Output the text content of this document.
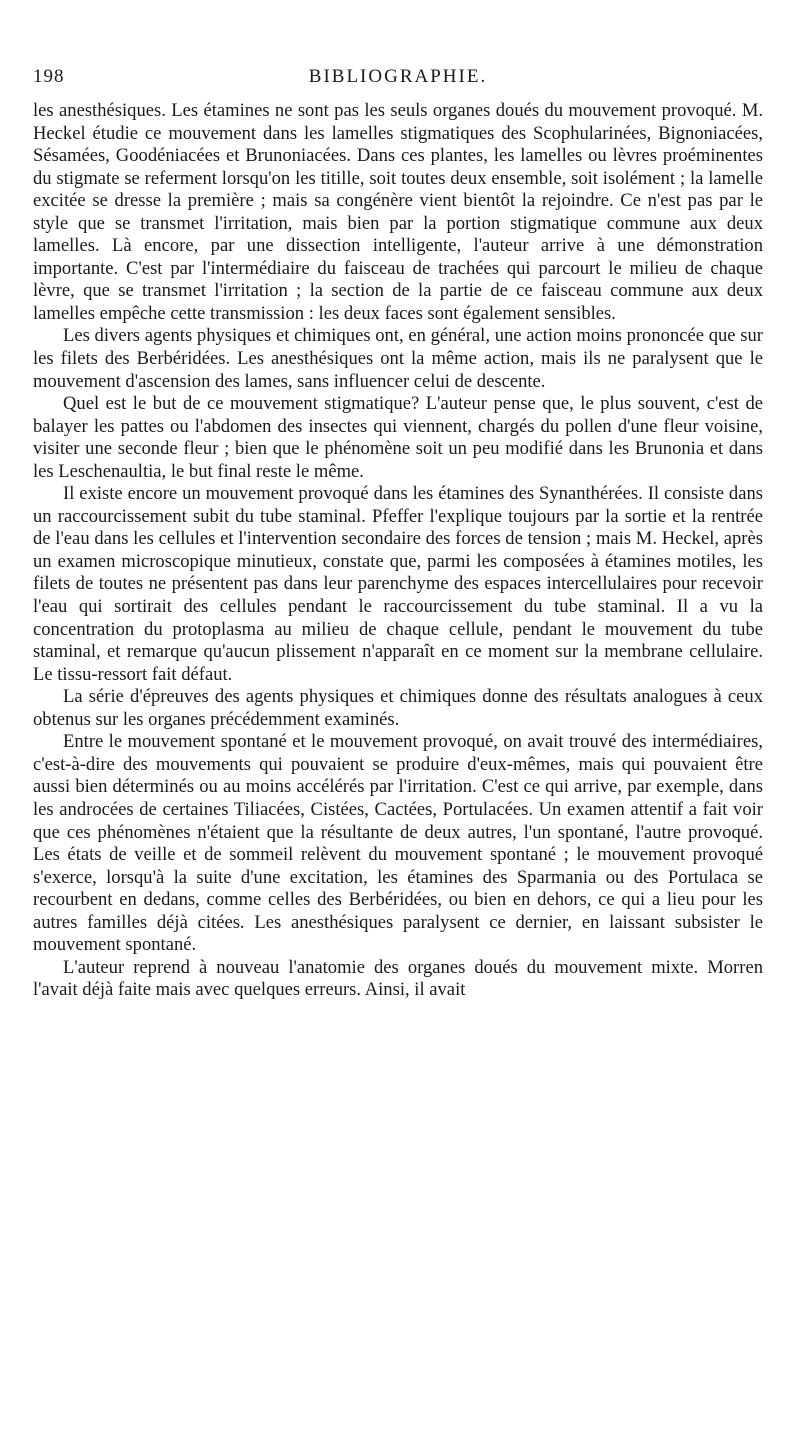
198	BIBLIOGRAPHIE.

les anesthésiques. Les étamines ne sont pas les seuls organes doués du mouvement provoqué. M. Heckel étudie ce mouvement dans les lamelles stigmatiques des Scophularinées, Bignoniacées, Sésamées, Goodéniacées et Brunoniacées. Dans ces plantes, les lamelles ou lèvres proéminentes du stigmate se referment lorsqu'on les titille, soit toutes deux ensemble, soit isolément ; la lamelle excitée se dresse la première ; mais sa congénère vient bientôt la rejoindre. Ce n'est pas par le style que se transmet l'irritation, mais bien par la portion stigmatique commune aux deux lamelles. Là encore, par une dissection intelligente, l'auteur arrive à une démonstration importante. C'est par l'intermédiaire du faisceau de trachées qui parcourt le milieu de chaque lèvre, que se transmet l'irritation ; la section de la partie de ce faisceau commune aux deux lamelles empêche cette transmission : les deux faces sont également sensibles.

Les divers agents physiques et chimiques ont, en général, une action moins prononcée que sur les filets des Berbéridées. Les anesthésiques ont la même action, mais ils ne paralysent que le mouvement d'ascension des lames, sans influencer celui de descente.

Quel est le but de ce mouvement stigmatique? L'auteur pense que, le plus souvent, c'est de balayer les pattes ou l'abdomen des insectes qui viennent, chargés du pollen d'une fleur voisine, visiter une seconde fleur ; bien que le phénomène soit un peu modifié dans les Brunonia et dans les Leschenaultia, le but final reste le même.

Il existe encore un mouvement provoqué dans les étamines des Synanthérées. Il consiste dans un raccourcissement subit du tube staminal. Pfeffer l'explique toujours par la sortie et la rentrée de l'eau dans les cellules et l'intervention secondaire des forces de tension ; mais M. Heckel, après un examen microscopique minutieux, constate que, parmi les composées à étamines motiles, les filets de toutes ne présentent pas dans leur parenchyme des espaces intercellulaires pour recevoir l'eau qui sortirait des cellules pendant le raccourcissement du tube staminal. Il a vu la concentration du protoplasma au milieu de chaque cellule, pendant le mouvement du tube staminal, et remarque qu'aucun plissement n'apparaît en ce moment sur la membrane cellulaire. Le tissu-ressort fait défaut.

La série d'épreuves des agents physiques et chimiques donne des résultats analogues à ceux obtenus sur les organes précédemment examinés.

Entre le mouvement spontané et le mouvement provoqué, on avait trouvé des intermédiaires, c'est-à-dire des mouvements qui pouvaient se produire d'eux-mêmes, mais qui pouvaient être aussi bien déterminés ou au moins accélérés par l'irritation. C'est ce qui arrive, par exemple, dans les androcées de certaines Tiliacées, Cistées, Cactées, Portulacées. Un examen attentif a fait voir que ces phénomènes n'étaient que la résultante de deux autres, l'un spontané, l'autre provoqué. Les états de veille et de sommeil relèvent du mouvement spontané ; le mouvement provoqué s'exerce, lorsqu'à la suite d'une excitation, les étamines des Sparmania ou des Portulaca se recourbent en dedans, comme celles des Berbéridées, ou bien en dehors, ce qui a lieu pour les autres familles déjà citées. Les anesthésiques paralysent ce dernier, en laissant subsister le mouvement spontané.

L'auteur reprend à nouveau l'anatomie des organes doués du mouvement mixte. Morren l'avait déjà faite mais avec quelques erreurs. Ainsi, il avait
